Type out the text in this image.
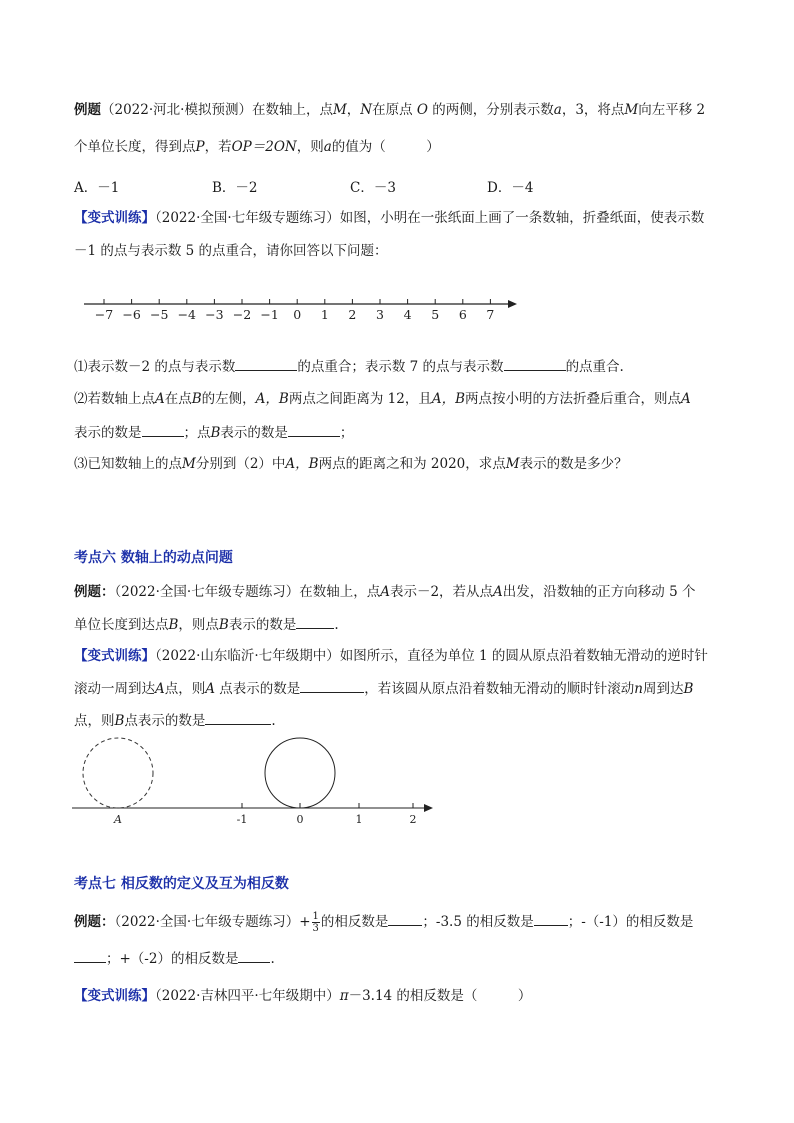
例题（2022·河北·模拟预测）在数轴上，点M，N在原点 O 的两侧，分别表示数a，3，将点M向左平移 2
个单位长度，得到点P，若OP＝2ON，则a的值为（　　　）
A．－1	B．－2	C．－3	D．－4
【变式训练】（2022·全国·七年级专题练习）如图，小明在一张纸面上画了一条数轴，折叠纸面，使表示数
－1 的点与表示数 5 的点重合，请你回答以下问题：
−7 −6 −5 −4 −3 −2 −1 0 1 2 3 4 5 6 7
⑴表示数－2 的点与表示数	的点重合；表示数 7 的点与表示数	的点重合.
⑵若数轴上点A在点B的左侧，A，B两点之间距离为 12，且A，B两点按小明的方法折叠后重合，则点A
表示的数是	；点B表示的数是	；
⑶已知数轴上的点M分别到（2）中A，B两点的距离之和为 2020，求点M表示的数是多少？
考点六 数轴上的动点问题
例题：（2022·全国·七年级专题练习）在数轴上，点A表示－2，若从点A出发，沿数轴的正方向移动 5 个
单位长度到达点B，则点B表示的数是	.
【变式训练】（2022·山东临沂·七年级期中）如图所示，直径为单位 1 的圆从原点沿着数轴无滑动的逆时针
滚动一周到达A点，则A 点表示的数是	，若该圆从原点沿着数轴无滑动的顺时针滚动n周到达B
点，则B点表示的数是	.
A	-1	0	1	2
考点七 相反数的定义及互为相反数
例题：（2022·全国·七年级专题练习）+ $\frac{1}{3}$ 的相反数是	；-3.5 的相反数是	；-（-1）的相反数是
；+（-2）的相反数是 .
【变式训练】（2022·吉林四平·七年级期中）π－3.14 的相反数是（　　　）
